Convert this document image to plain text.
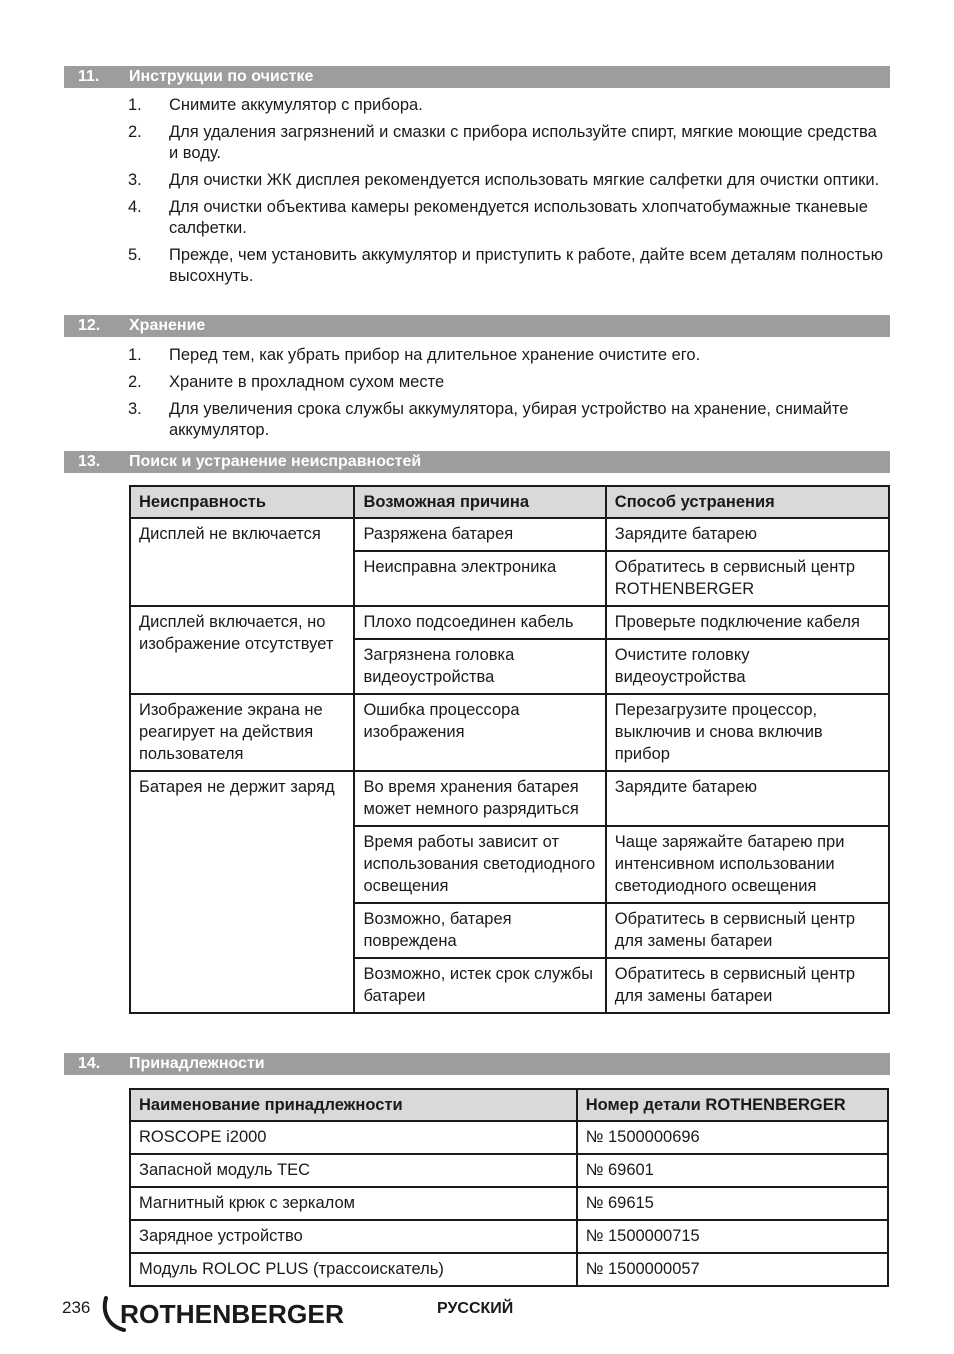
11. Инструкции по очистке
1. Снимите аккумулятор с прибора.
2. Для удаления загрязнений и смазки с прибора используйте спирт, мягкие моющие средства и воду.
3. Для очистки ЖК дисплея рекомендуется использовать мягкие салфетки для очистки оптики.
4. Для очистки объектива камеры рекомендуется использовать хлопчатобумажные тканевые салфетки.
5. Прежде, чем установить аккумулятор и приступить к работе, дайте всем деталям полностью высохнуть.
12. Хранение
1. Перед тем, как убрать прибор на длительное хранение очистите его.
2. Храните в прохладном сухом месте
3. Для увеличения срока службы аккумулятора, убирая устройство на хранение, снимайте аккумулятор.
13. Поиск и устранение неисправностей
Неисправность	Возможная причина	Способ устранения
Дисплей не включается	Разряжена батарея	Зарядите батарею
	Неисправна электроника	Обратитесь в сервисный центр ROTHENBERGER
Дисплей включается, но изображение отсутствует	Плохо подсоединен кабель	Проверьте подключение кабеля
	Загрязнена головка видеоустройства	Очистите головку видеоустройства
Изображение экрана не реагирует на действия пользователя	Ошибка процессора изображения	Перезагрузите процессор, выключив и снова включив прибор
Батарея не держит заряд	Во время хранения батарея может немного разрядиться	Зарядите батарею
	Время работы зависит от использования светодиодного освещения	Чаще заряжайте батарею при интенсивном использовании светодиодного освещения
	Возможно, батарея повреждена	Обратитесь в сервисный центр для замены батареи
	Возможно, истек срок службы батареи	Обратитесь в сервисный центр для замены батареи
14. Принадлежности
Наименование принадлежности	Номер детали ROTHENBERGER
ROSCOPE i2000	№ 1500000696
Запасной модуль TEC	№ 69601
Магнитный крюк с зеркалом	№ 69615
Зарядное устройство	№ 1500000715
Модуль ROLOC PLUS (трассоискатель)	№ 1500000057
236 ROTHENBERGER	РУССКИЙ
